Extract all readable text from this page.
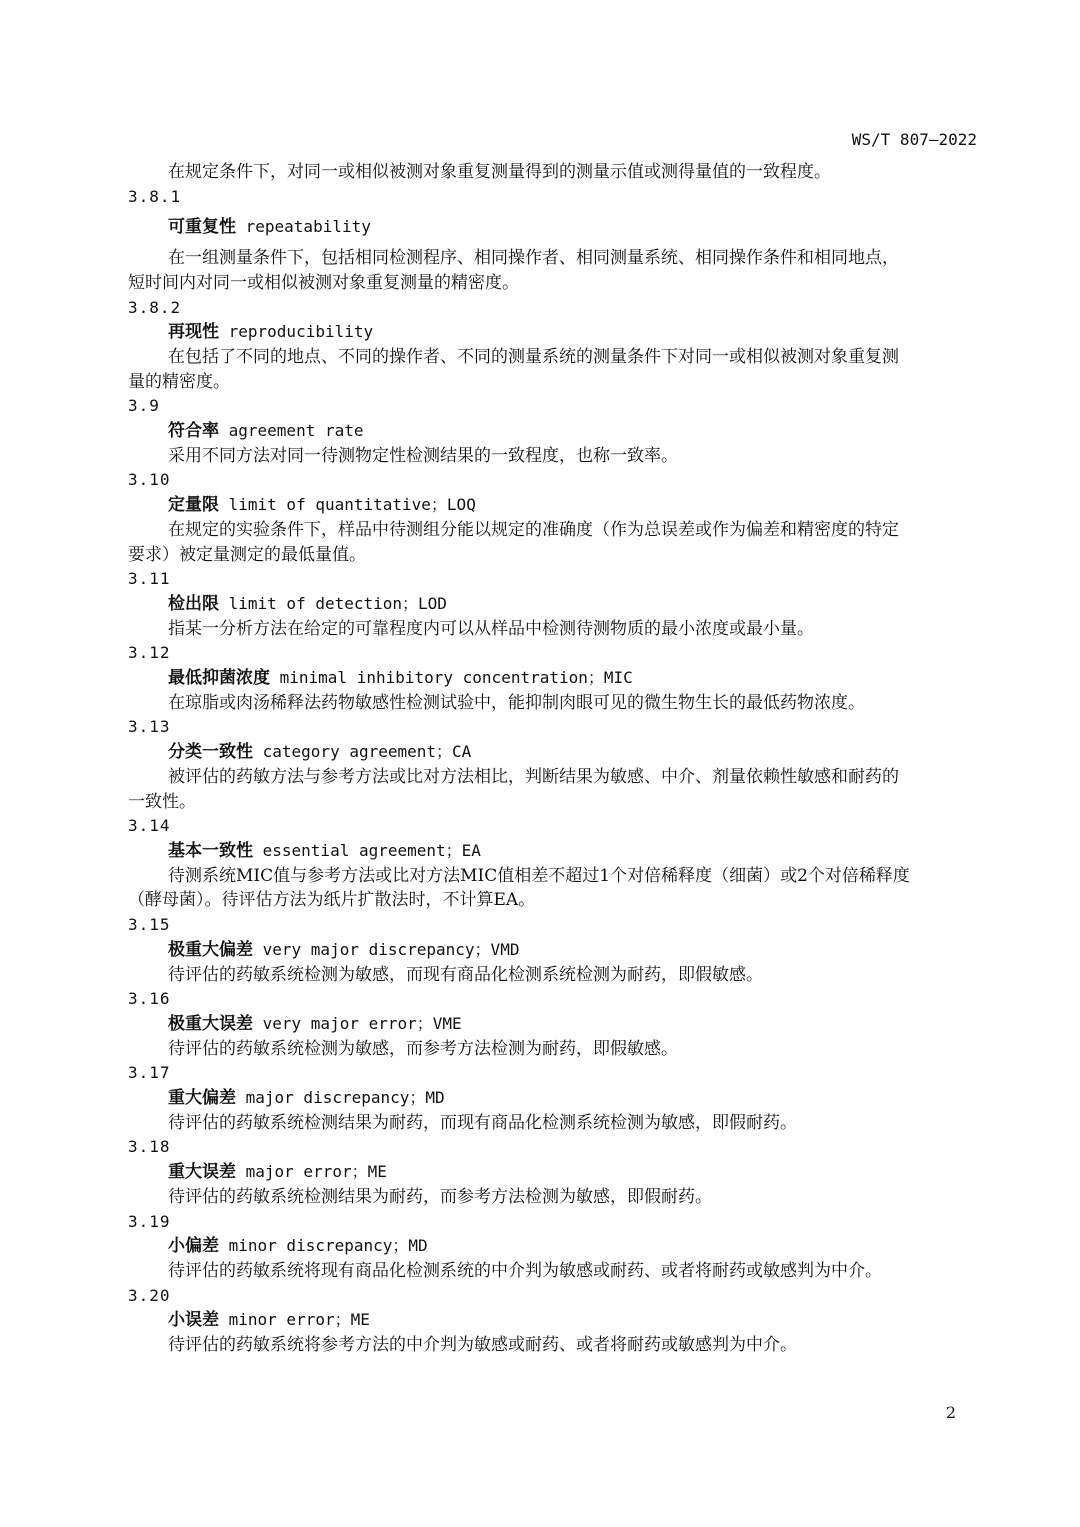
WS/T 807—2022
在规定条件下，对同一或相似被测对象重复测量得到的测量示值或测得量值的一致程度。
3.8.1
可重复性 repeatability
在一组测量条件下，包括相同检测程序、相同操作者、相同测量系统、相同操作条件和相同地点，
短时间内对同一或相似被测对象重复测量的精密度。
3.8.2
再现性 reproducibility
在包括了不同的地点、不同的操作者、不同的测量系统的测量条件下对同一或相似被测对象重复测
量的精密度。
3.9
符合率 agreement rate
采用不同方法对同一待测物定性检测结果的一致程度，也称一致率。
3.10
定量限 limit of quantitative；LOQ
在规定的实验条件下，样品中待测组分能以规定的准确度（作为总误差或作为偏差和精密度的特定
要求）被定量测定的最低量值。
3.11
检出限 limit of detection；LOD
指某一分析方法在给定的可靠程度内可以从样品中检测待测物质的最小浓度或最小量。
3.12
最低抑菌浓度 minimal inhibitory concentration；MIC
在琼脂或肉汤稀释法药物敏感性检测试验中，能抑制肉眼可见的微生物生长的最低药物浓度。
3.13
分类一致性 category agreement；CA
被评估的药敏方法与参考方法或比对方法相比，判断结果为敏感、中介、剂量依赖性敏感和耐药的
一致性。
3.14
基本一致性 essential agreement；EA
待测系统MIC值与参考方法或比对方法MIC值相差不超过1个对倍稀释度（细菌）或2个对倍稀释度
（酵母菌）。待评估方法为纸片扩散法时，不计算EA。
3.15
极重大偏差 very major discrepancy；VMD
待评估的药敏系统检测为敏感，而现有商品化检测系统检测为耐药，即假敏感。
3.16
极重大误差 very major error；VME
待评估的药敏系统检测为敏感，而参考方法检测为耐药，即假敏感。
3.17
重大偏差 major discrepancy；MD
待评估的药敏系统检测结果为耐药，而现有商品化检测系统检测为敏感，即假耐药。
3.18
重大误差 major error；ME
待评估的药敏系统检测结果为耐药，而参考方法检测为敏感，即假耐药。
3.19
小偏差 minor discrepancy；MD
待评估的药敏系统将现有商品化检测系统的中介判为敏感或耐药、或者将耐药或敏感判为中介。
3.20
小误差 minor error；ME
待评估的药敏系统将参考方法的中介判为敏感或耐药、或者将耐药或敏感判为中介。
2
